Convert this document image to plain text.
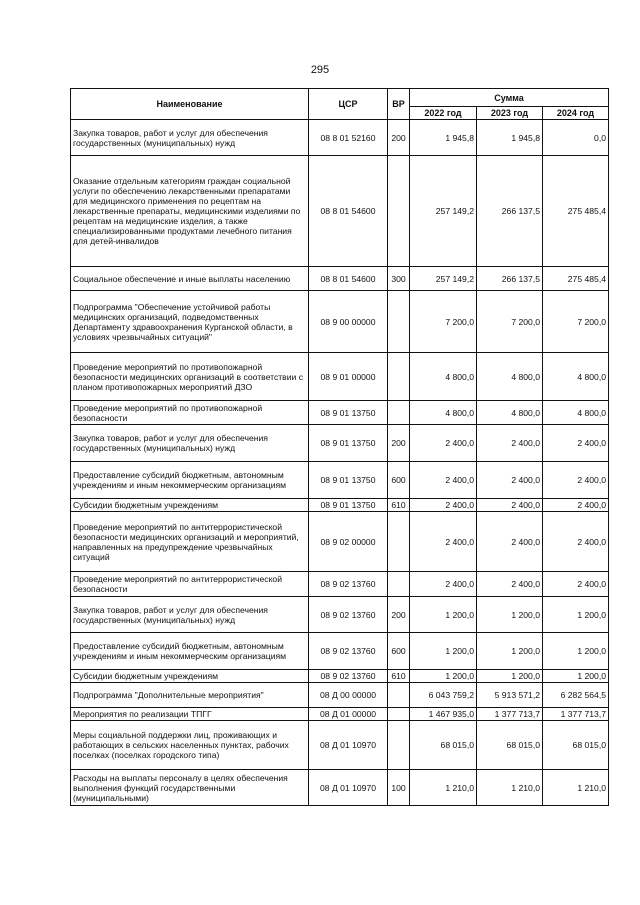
295
Наименование	ЦСР	ВР	Сумма		
			2022 год	2023 год	2024 год
Закупка товаров, работ и услуг для обеспечения государственных (муниципальных) нужд	08 8 01 52160	200	1 945,8	1 945,8	0,0
Оказание отдельным категориям граждан социальной услуги по обеспечению лекарственными препаратами для медицинского применения по рецептам на лекарственные препараты, медицинскими изделиями по рецептам на медицинские изделия, а также специализированными продуктами лечебного питания для детей-инвалидов	08 8 01 54600		257 149,2	266 137,5	275 485,4
Социальное обеспечение и иные выплаты населению	08 8 01 54600	300	257 149,2	266 137,5	275 485,4
Подпрограмма "Обеспечение устойчивой работы медицинских организаций, подведомственных Департаменту здравоохранения Курганской области, в условиях чрезвычайных ситуаций"	08 9 00 00000		7 200,0	7 200,0	7 200,0
Проведение мероприятий по противопожарной безопасности медицинских организаций в соответствии с планом противопожарных мероприятий ДЗО	08 9 01 00000		4 800,0	4 800,0	4 800,0
Проведение мероприятий по противопожарной безопасности	08 9 01 13750		4 800,0	4 800,0	4 800,0
Закупка товаров, работ и услуг для обеспечения государственных (муниципальных) нужд	08 9 01 13750	200	2 400,0	2 400,0	2 400,0
Предоставление субсидий бюджетным, автономным учреждениям и иным некоммерческим организациям	08 9 01 13750	600	2 400,0	2 400,0	2 400,0
Субсидии бюджетным учреждениям	08 9 01 13750	610	2 400,0	2 400,0	2 400,0
Проведение мероприятий по антитеррористической безопасности медицинских организаций и мероприятий, направленных на предупреждение чрезвычайных ситуаций	08 9 02 00000		2 400,0	2 400,0	2 400,0
Проведение мероприятий по антитеррористической безопасности	08 9 02 13760		2 400,0	2 400,0	2 400,0
Закупка товаров, работ и услуг для обеспечения государственных (муниципальных) нужд	08 9 02 13760	200	1 200,0	1 200,0	1 200,0
Предоставление субсидий бюджетным, автономным учреждениям и иным некоммерческим организациям	08 9 02 13760	600	1 200,0	1 200,0	1 200,0
Субсидии бюджетным учреждениям	08 9 02 13760	610	1 200,0	1 200,0	1 200,0
Подпрограмма "Дополнительные мероприятия"	08 Д 00 00000		6 043 759,2	5 913 571,2	6 282 564,5
Мероприятия по реализации ТПГГ	08 Д 01 00000		1 467 935,0	1 377 713,7	1 377 713,7
Меры социальной поддержки лиц, проживающих и работающих в сельских населенных пунктах, рабочих поселках (поселках городского типа)	08 Д 01 10970		68 015,0	68 015,0	68 015,0
Расходы на выплаты персоналу в целях обеспечения выполнения функций государственными (муниципальными)	08 Д 01 10970	100	1 210,0	1 210,0	1 210,0
